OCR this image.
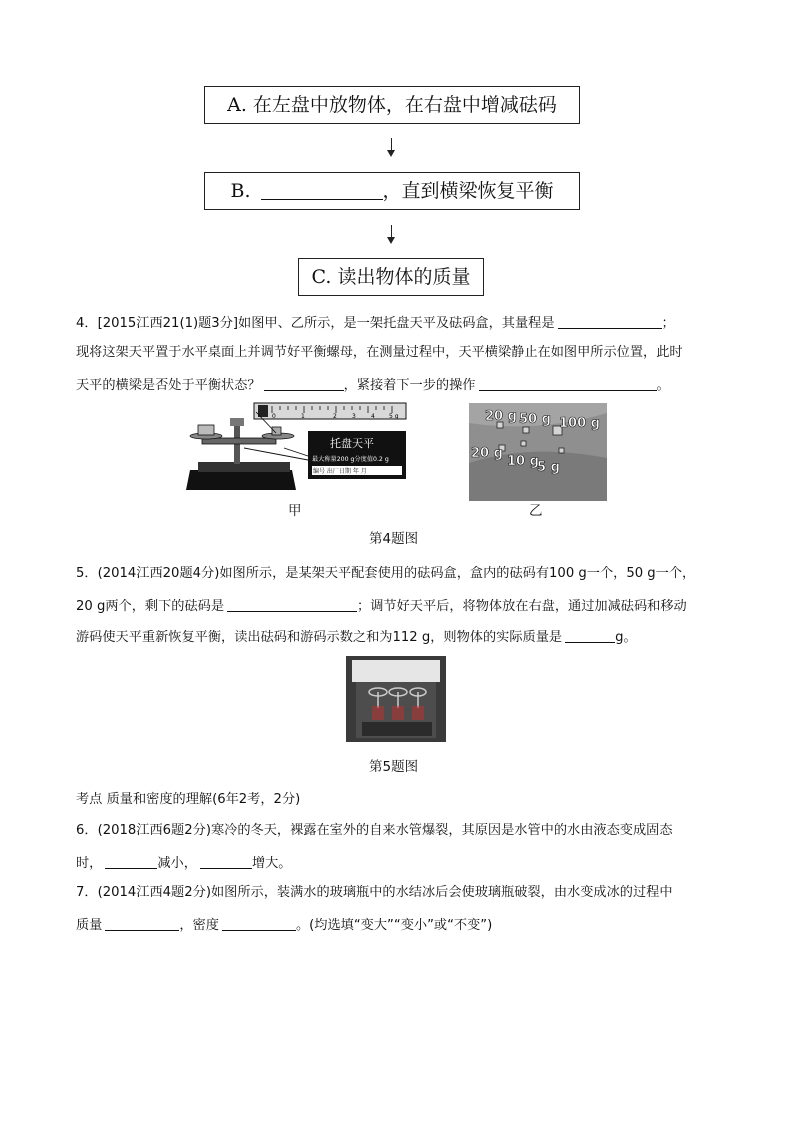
A. 在左盘中放物体，在右盘中增减砝码
B.	，直到横梁恢复平衡
C. 读出物体的质量
4．[2015江西21(1)题3分]如图甲、乙所示，是一架托盘天平及砝码盒，其量程是	；
现将这架天平置于水平桌面上并调节好平衡螺母，在测量过程中，天平横梁静止在如图甲所示位置，此时
天平的横梁是否处于平衡状态？	，紧接着下一步的操作	。
0	1	2	3	4 5 g
托盘天平
最大称量200 g分度值0.2 g
编号 出厂日期 年 月
20 g 50 g 100 g
20 g
10 g
5 g
甲	乙
第4题图
5．(2014江西20题4分)如图所示，是某架天平配套使用的砝码盒，盒内的砝码有100 g一个，50 g一个，
20 g两个，剩下的砝码是	；调节好天平后，将物体放在右盘，通过加减砝码和移动
游码使天平重新恢复平衡，读出砝码和游码示数之和为112 g，则物体的实际质量是	g。
第5题图
考点 质量和密度的理解(6年2考，2分)
6．(2018江西6题2分)寒冷的冬天，裸露在室外的自来水管爆裂，其原因是水管中的水由液态变成固态
时，	减小，	增大。
7．(2014江西4题2分)如图所示，装满水的玻璃瓶中的水结冰后会使玻璃瓶破裂，由水变成冰的过程中
质量	，密度	。(均选填“变大”“变小”或“不变”)
